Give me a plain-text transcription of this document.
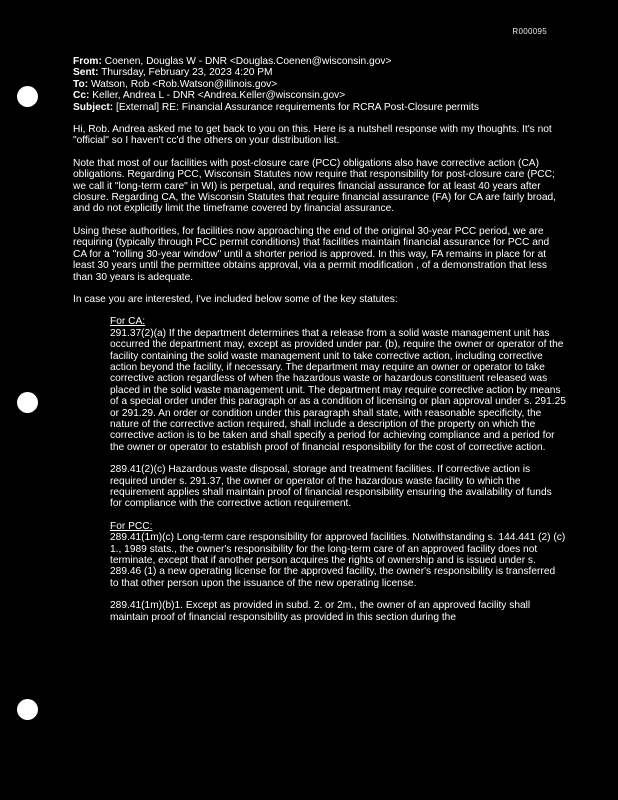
R000095
From: Coenen, Douglas W - DNR <Douglas.Coenen@wisconsin.gov>
Sent: Thursday, February 23, 2023 4:20 PM
To: Watson, Rob <Rob.Watson@illinois.gov>
Cc: Keller, Andrea L - DNR <Andrea.Keller@wisconsin.gov>
Subject: [External] RE: Financial Assurance requirements for RCRA Post-Closure permits

Hi, Rob. Andrea asked me to get back to you on this. Here is a nutshell response with my thoughts. It's not "official" so I haven't cc'd the others on your distribution list.

Note that most of our facilities with post-closure care (PCC) obligations also have corrective action (CA) obligations. Regarding PCC, Wisconsin Statutes now require that responsibility for post-closure care (PCC; we call it "long-term care" in WI) is perpetual, and requires financial assurance for at least 40 years after closure. Regarding CA, the Wisconsin Statutes that require financial assurance (FA) for CA are fairly broad, and do not explicitly limit the timeframe covered by financial assurance.

Using these authorities, for facilities now approaching the end of the original 30-year PCC period, we are requiring (typically through PCC permit conditions) that facilities maintain financial assurance for PCC and CA for a "rolling 30-year window" until a shorter period is approved. In this way, FA remains in place for at least 30 years until the permittee obtains approval, via a permit modification , of a demonstration that less than 30 years is adequate.

In case you are interested, I've included below some of the key statutes:

For CA:

291.37(2)(a) If the department determines that a release from a solid waste management unit has occurred the department may, except as provided under par. (b), require the owner or operator of the facility containing the solid waste management unit to take corrective action, including corrective action beyond the facility, if necessary. The department may require an owner or operator to take corrective action regardless of when the hazardous waste or hazardous constituent released was placed in the solid waste management unit. The department may require corrective action by means of a special order under this paragraph or as a condition of licensing or plan approval under s. 291.25 or 291.29. An order or condition under this paragraph shall state, with reasonable specificity, the nature of the corrective action required, shall include a description of the property on which the corrective action is to be taken and shall specify a period for achieving compliance and a period for the owner or operator to establish proof of financial responsibility for the cost of corrective action.

289.41(2)(c) Hazardous waste disposal, storage and treatment facilities. If corrective action is required under s. 291.37, the owner or operator of the hazardous waste facility to which the requirement applies shall maintain proof of financial responsibility ensuring the availability of funds for compliance with the corrective action requirement.

For PCC:

289.41(1m)(c) Long-term care responsibility for approved facilities. Notwithstanding s. 144.441 (2) (c) 1., 1989 stats., the owner's responsibility for the long-term care of an approved facility does not terminate, except that if another person acquires the rights of ownership and is issued under s. 289.46 (1) a new operating license for the approved facility, the owner's responsibility is transferred to that other person upon the issuance of the new operating license.

289.41(1m)(b)1. Except as provided in subd. 2. or 2m., the owner of an approved facility shall maintain proof of financial responsibility as provided in this section during the
